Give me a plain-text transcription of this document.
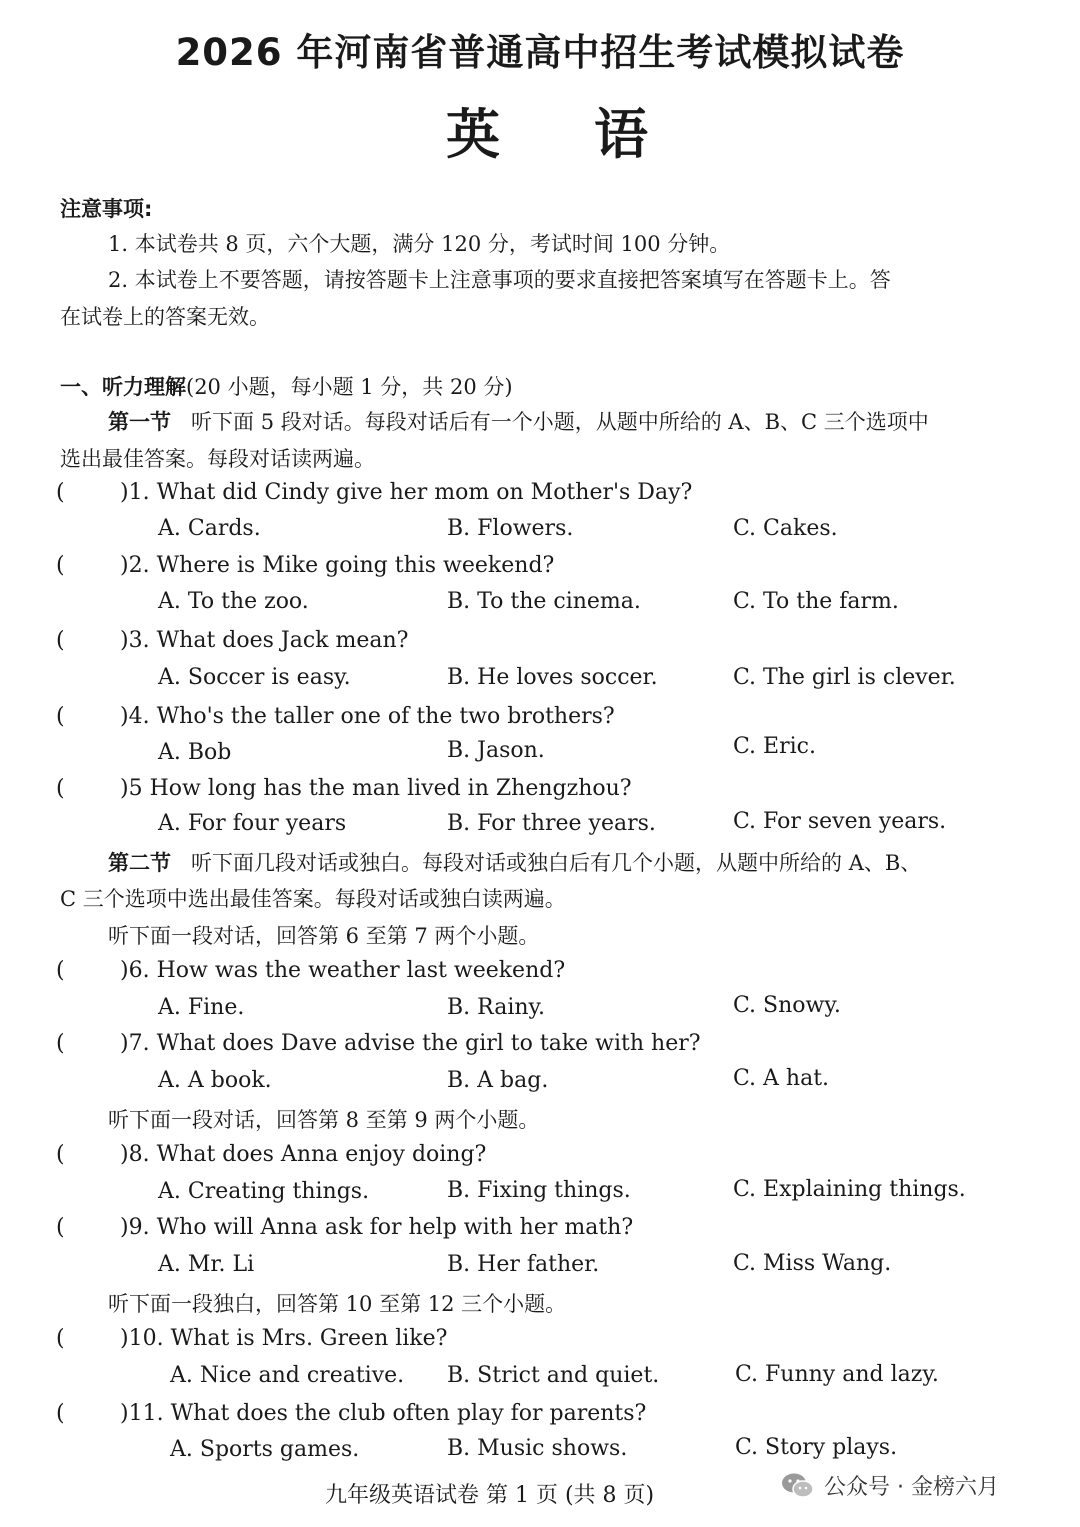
2026 年河南省普通高中招生考试模拟试卷
英 语
注意事项:
1. 本试卷共 8 页，六个大题，满分 120 分，考试时间 100 分钟。
2. 本试卷上不要答题，请按答题卡上注意事项的要求直接把答案填写在答题卡上。答
在试卷上的答案无效。
一、听力理解(20 小题，每小题 1 分，共 20 分)
第一节 听下面 5 段对话。每段对话后有一个小题，从题中所给的 A、B、C 三个选项中
选出最佳答案。每段对话读两遍。
(	)1. What did Cindy give her mom on Mother's Day?
A. Cards.	B. Flowers.	C. Cakes.
(	)2. Where is Mike going this weekend?
A. To the zoo.	B. To the cinema.	C. To the farm.
(	)3. What does Jack mean?
A. Soccer is easy.	B. He loves soccer.	C. The girl is clever.
(	)4. Who's the taller one of the two brothers?
A. Bob	B. Jason.	C. Eric.
(	)5 How long has the man lived in Zhengzhou?
A. For four years	B. For three years.	C. For seven years.
第二节 听下面几段对话或独白。每段对话或独白后有几个小题，从题中所给的 A、B、
C 三个选项中选出最佳答案。每段对话或独白读两遍。
听下面一段对话，回答第 6 至第 7 两个小题。
(	)6. How was the weather last weekend?
A. Fine.	B. Rainy.	C. Snowy.
(	)7. What does Dave advise the girl to take with her?
A. A book.	B. A bag.	C. A hat.
听下面一段对话，回答第 8 至第 9 两个小题。
(	)8. What does Anna enjoy doing?
A. Creating things.	B. Fixing things.	C. Explaining things.
(	)9. Who will Anna ask for help with her math?
A. Mr. Li	B. Her father.	C. Miss Wang.
听下面一段独白，回答第 10 至第 12 三个小题。
(	)10. What is Mrs. Green like?
A. Nice and creative. B. Strict and quiet.	C. Funny and lazy.
(	)11. What does the club often play for parents?
A. Sports games.	B. Music shows.	C. Story plays.
九年级英语试卷 第 1 页 (共 8 页)	公众号 · 金榜六月
